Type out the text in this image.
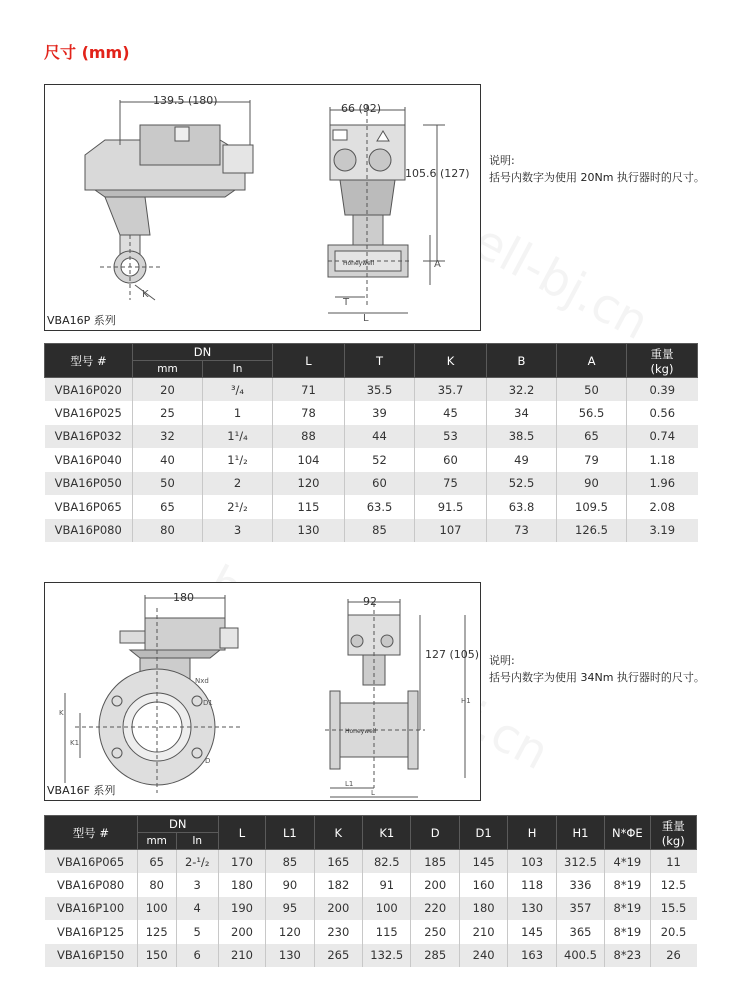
尺寸 (mm)
139.5 (180)
66 (92)
105.6 (127)
A
K
T
L
Honeywell
VBA16P 系列
说明:
括号内数字为使用 20Nm 执行器时的尺寸。
型号 #	DN		L	T	K	B	A	重量
(kg)

	mm	In						
VBA16P020	20	³/₄	71	35.5	35.7	32.2	50	0.39
VBA16P025	25	1	78	39	45	34	56.5	0.56
VBA16P032	32	1¹/₄	88	44	53	38.5	65	0.74
VBA16P040	40	1¹/₂	104	52	60	49	79	1.18
VBA16P050	50	2	120	60	75	52.5	90	1.96
VBA16P065	65	2¹/₂	115	63.5	91.5	63.8	109.5	2.08
VBA16P080	80	3	130	85	107	73	126.5	3.19
180	92
127 (105)
Nxd
D1
D
K
K1
H1
L1
L
Honeywell
VBA16F 系列
说明:
括号内数字为使用 34Nm 执行器时的尺寸。
型号 #	DN		L	L1	K	K1	D	D1	H	H1	N*ΦE	重量
(kg)

	mm	In										
VBA16P065	65	2-¹/₂	170	85	165	82.5	185	145	103	312.5	4*19	11
VBA16P080	80	3	180	90	182	91	200	160	118	336	8*19	12.5
VBA16P100	100	4	190	95	200	100	220	180	130	357	8*19	15.5
VBA16P125	125	5	200	120	230	115	250	210	145	365	8*19	20.5
VBA16P150	150	6	210	130	265	132.5	285	240	163	400.5	8*23	26
